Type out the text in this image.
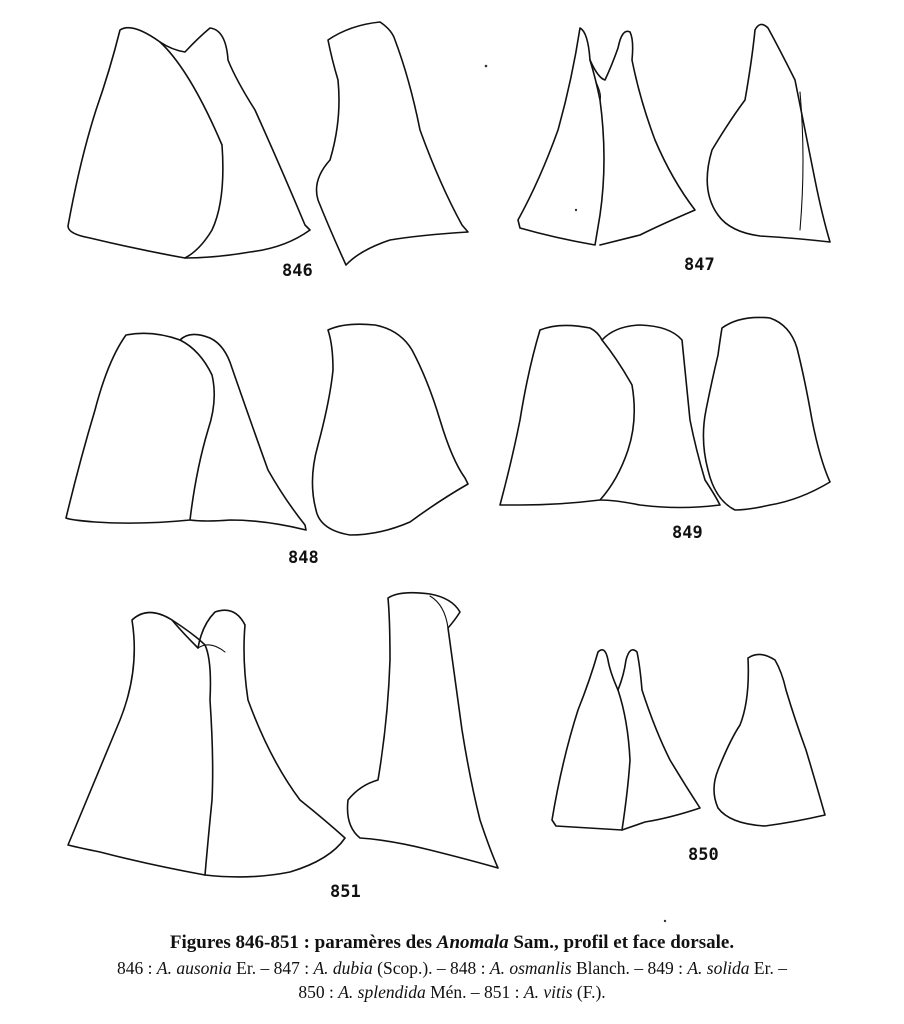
846	847
848
849
851
850
Figures 846-851 : paramères des Anomala Sam., profil et face dorsale.
846 : A. ausonia Er. – 847 : A. dubia (Scop.). – 848 : A. osmanlis Blanch. – 849 : A. solida Er. –
850 : A. splendida Mén. – 851 : A. vitis (F.).
